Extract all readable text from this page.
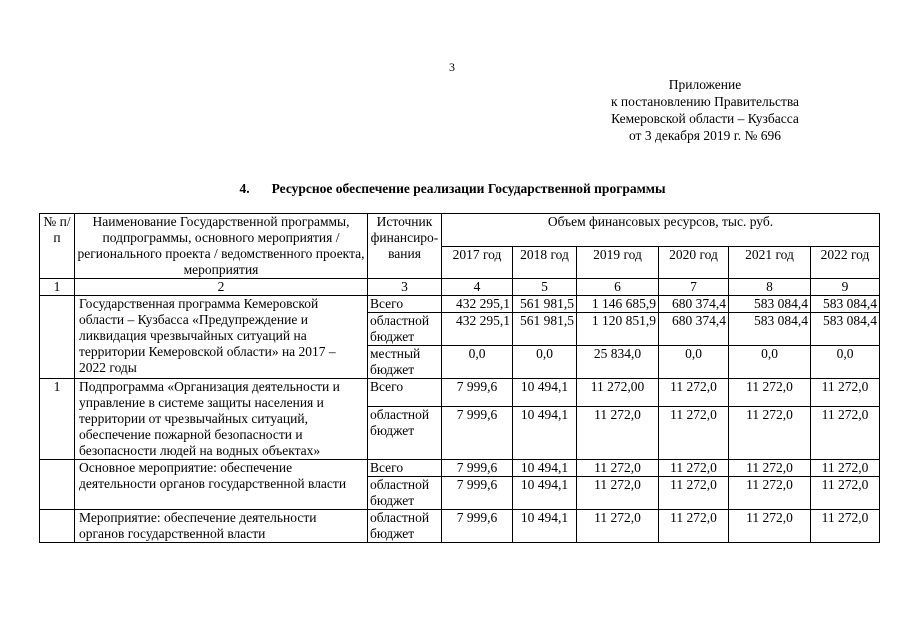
3
Приложение
к постановлению Правительства
Кемеровской области – Кузбасса
от 3 декабря 2019 г. № 696
4. Ресурсное обеспечение реализации Государственной программы
№ п/п	Наименование Государственной программы, подпрограммы, основного мероприятия / регионального проекта / ведомственного проекта, мероприятия	Источник финансиро-вания	Объем финансовых ресурсов, тыс. руб.					
			2017 год	2018 год	2019 год	2020 год	2021 год	2022 год
1	2	3	4	5	6	7	8	9
	Государственная программа Кемеровской области – Кузбасса «Предупреждение и ликвидация чрезвычайных ситуаций на территории Кемеровской области» на 2017 – 2022 годы	Всего	432 295,1	561 981,5	1 146 685,9	680 374,4	583 084,4	583 084,4
		областной бюджет	432 295,1	561 981,5	1 120 851,9	680 374,4	583 084,4	583 084,4
		местный бюджет	0,0	0,0	25 834,0	0,0	0,0	0,0
1	Подпрограмма «Организация деятельности и управление в системе защиты населения и территории от чрезвычайных ситуаций, обеспечение пожарной безопасности и безопасности людей на водных объектах»	Всего	7 999,6	10 494,1	11 272,00	11 272,0	11 272,0	11 272,0
		областной бюджет	7 999,6	10 494,1	11 272,0	11 272,0	11 272,0	11 272,0
	Основное мероприятие: обеспечение деятельности органов государственной власти	Всего	7 999,6	10 494,1	11 272,0	11 272,0	11 272,0	11 272,0
		областной бюджет	7 999,6	10 494,1	11 272,0	11 272,0	11 272,0	11 272,0
	Мероприятие: обеспечение деятельности органов государственной власти	областной бюджет	7 999,6	10 494,1	11 272,0	11 272,0	11 272,0	11 272,0
